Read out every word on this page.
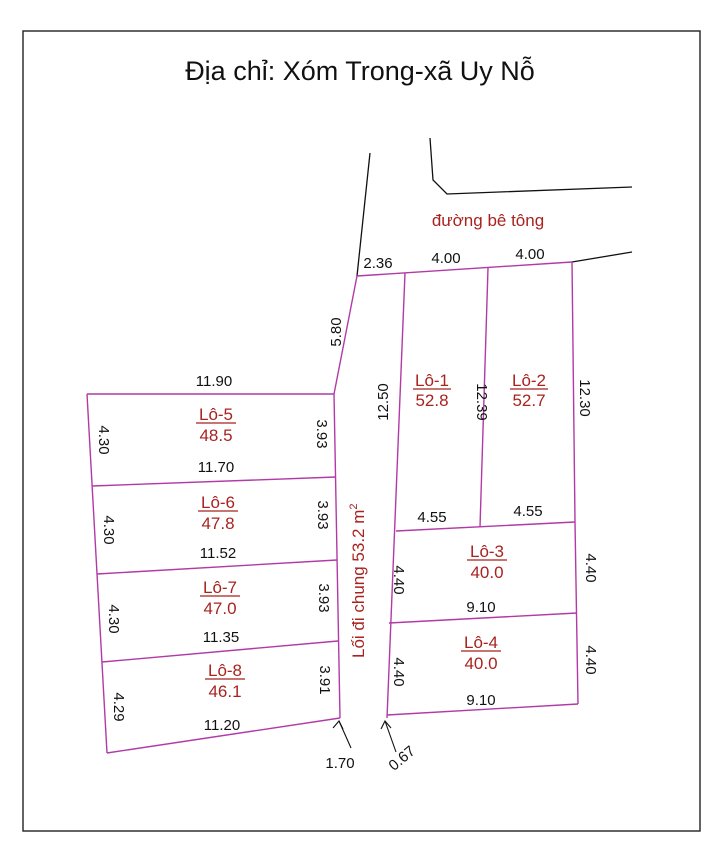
Địa chỉ: Xóm Trong-xã Uy Nỗ
đường bê tông
Lô-1
52.8
Lô-2
52.7
Lô-3
40.0
Lô-4
40.0
Lô-5
48.5
Lô-6
47.8
Lô-7
47.0
Lô-8
46.1
Lối đi chung 53.2 $m^2$
2.36	4.00	4.00
5.80
12.50	12.39	12.30
4.55	4.55
4.40	4.40
9.10
4.40	4.40
9.10
11.90
4.30	3.93
11.70
4.30
3.93
11.52
4.30
3.93
11.35
4.29
3.91
11.20
1.70 0.67
